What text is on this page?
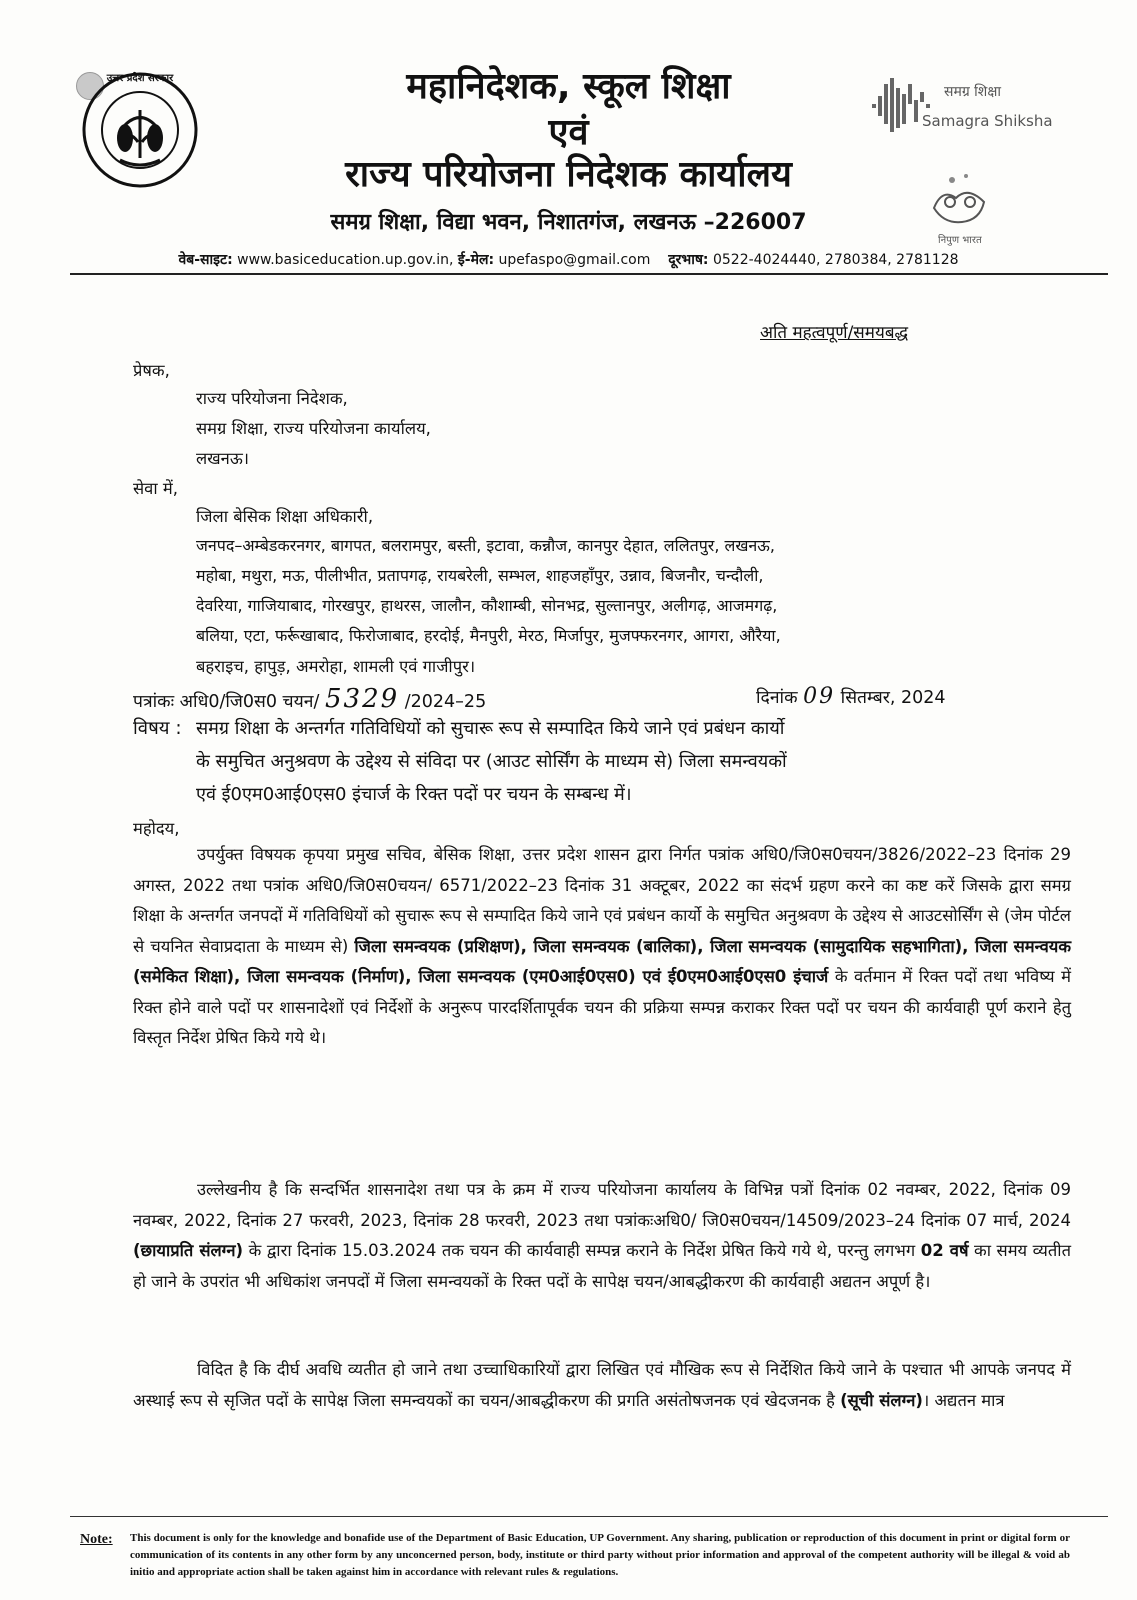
उत्तर प्रदेश सरकार	महानिदेशक, स्कूल शिक्षा
एवं
राज्य परियोजना निदेशक कार्यालय
समग्र शिक्षा, विद्या भवन, निशातगंज, लखनऊ –226007
वेब-साइट: www.basiceducation.up.gov.in, ई-मेल: upefaspo@gmail.com दूरभाष: 0522-4024440, 2780384, 2781128
समग्र शिक्षा
Samagra Shiksha
निपुण भारत
अति महत्वपूर्ण/समयबद्ध
प्रेषक,
राज्य परियोजना निदेशक,
समग्र शिक्षा, राज्य परियोजना कार्यालय,
लखनऊ।
सेवा में,
जिला बेसिक शिक्षा अधिकारी,
जनपद–अम्बेडकरनगर, बागपत, बलरामपुर, बस्ती, इटावा, कन्नौज, कानपुर देहात, ललितपुर, लखनऊ,
महोबा, मथुरा, मऊ, पीलीभीत, प्रतापगढ़, रायबरेली, सम्भल, शाहजहाँपुर, उन्नाव, बिजनौर, चन्दौली,
देवरिया, गाजियाबाद, गोरखपुर, हाथरस, जालौन, कौशाम्बी, सोनभद्र, सुल्तानपुर, अलीगढ़, आजमगढ़,
बलिया, एटा, फर्रूखाबाद, फिरोजाबाद, हरदोई, मैनपुरी, मेरठ, मिर्जापुर, मुजफ्फरनगर, आगरा, औरैया,
बहराइच, हापुड़, अमरोहा, शामली एवं गाजीपुर।
पत्रांकः अधि0/जि0स0 चयन/ 5329 /2024–25	दिनांक 09 सितम्बर, 2024
विषय : समग्र शिक्षा के अन्तर्गत गतिविधियों को सुचारू रूप से सम्पादित किये जाने एवं प्रबंधन कार्यो
के समुचित अनुश्रवण के उद्देश्य से संविदा पर (आउट सोर्सिंग के माध्यम से) जिला समन्वयकों
एवं ई0एम0आई0एस0 इंचार्ज के रिक्त पदों पर चयन के सम्बन्ध में।
महोदय,
उपर्युक्त विषयक कृपया प्रमुख सचिव, बेसिक शिक्षा, उत्तर प्रदेश शासन द्वारा निर्गत पत्रांक अधि0/जि0स0चयन/3826/2022–23 दिनांक 29 अगस्त, 2022 तथा पत्रांक अधि0/जि0स0चयन/ 6571/2022–23 दिनांक 31 अक्टूबर, 2022 का संदर्भ ग्रहण करने का कष्ट करें जिसके द्वारा समग्र शिक्षा के अन्तर्गत जनपदों में गतिविधियों को सुचारू रूप से सम्पादित किये जाने एवं प्रबंधन कार्यो के समुचित अनुश्रवण के उद्देश्य से आउटसोर्सिंग से (जेम पोर्टल से चयनित सेवाप्रदाता के माध्यम से) जिला समन्वयक (प्रशिक्षण), जिला समन्वयक (बालिका), जिला समन्वयक (सामुदायिक सहभागिता), जिला समन्वयक (समेकित शिक्षा), जिला समन्वयक (निर्माण), जिला समन्वयक (एम0आई0एस0) एवं ई0एम0आई0एस0 इंचार्ज के वर्तमान में रिक्त पदों तथा भविष्य में रिक्त होने वाले पदों पर शासनादेशों एवं निर्देशों के अनुरूप पारदर्शितापूर्वक चयन की प्रक्रिया सम्पन्न कराकर रिक्त पदों पर चयन की कार्यवाही पूर्ण कराने हेतु विस्तृत निर्देश प्रेषित किये गये थे।
उल्लेखनीय है कि सन्दर्भित शासनादेश तथा पत्र के क्रम में राज्य परियोजना कार्यालय के विभिन्न पत्रों दिनांक 02 नवम्बर, 2022, दिनांक 09 नवम्बर, 2022, दिनांक 27 फरवरी, 2023, दिनांक 28 फरवरी, 2023 तथा पत्रांकःअधि0/ जि0स0चयन/14509/2023–24 दिनांक 07 मार्च, 2024 (छायाप्रति संलग्न) के द्वारा दिनांक 15.03.2024 तक चयन की कार्यवाही सम्पन्न कराने के निर्देश प्रेषित किये गये थे, परन्तु लगभग 02 वर्ष का समय व्यतीत हो जाने के उपरांत भी अधिकांश जनपदों में जिला समन्वयकों के रिक्त पदों के सापेक्ष चयन/आबद्धीकरण की कार्यवाही अद्यतन अपूर्ण है।
विदित है कि दीर्घ अवधि व्यतीत हो जाने तथा उच्चाधिकारियों द्वारा लिखित एवं मौखिक रूप से निर्देशित किये जाने के पश्चात भी आपके जनपद में अस्थाई रूप से सृजित पदों के सापेक्ष जिला समन्वयकों का चयन/आबद्धीकरण की प्रगति असंतोषजनक एवं खेदजनक है (सूची संलग्न)। अद्यतन मात्र
Note: This document is only for the knowledge and bonafide use of the Department of Basic Education, UP Government. Any sharing, publication or reproduction of this document in print or digital form or communication of its contents in any other form by any unconcerned person, body, institute or third party without prior information and approval of the competent authority will be illegal & void ab initio and appropriate action shall be taken against him in accordance with relevant rules & regulations.
